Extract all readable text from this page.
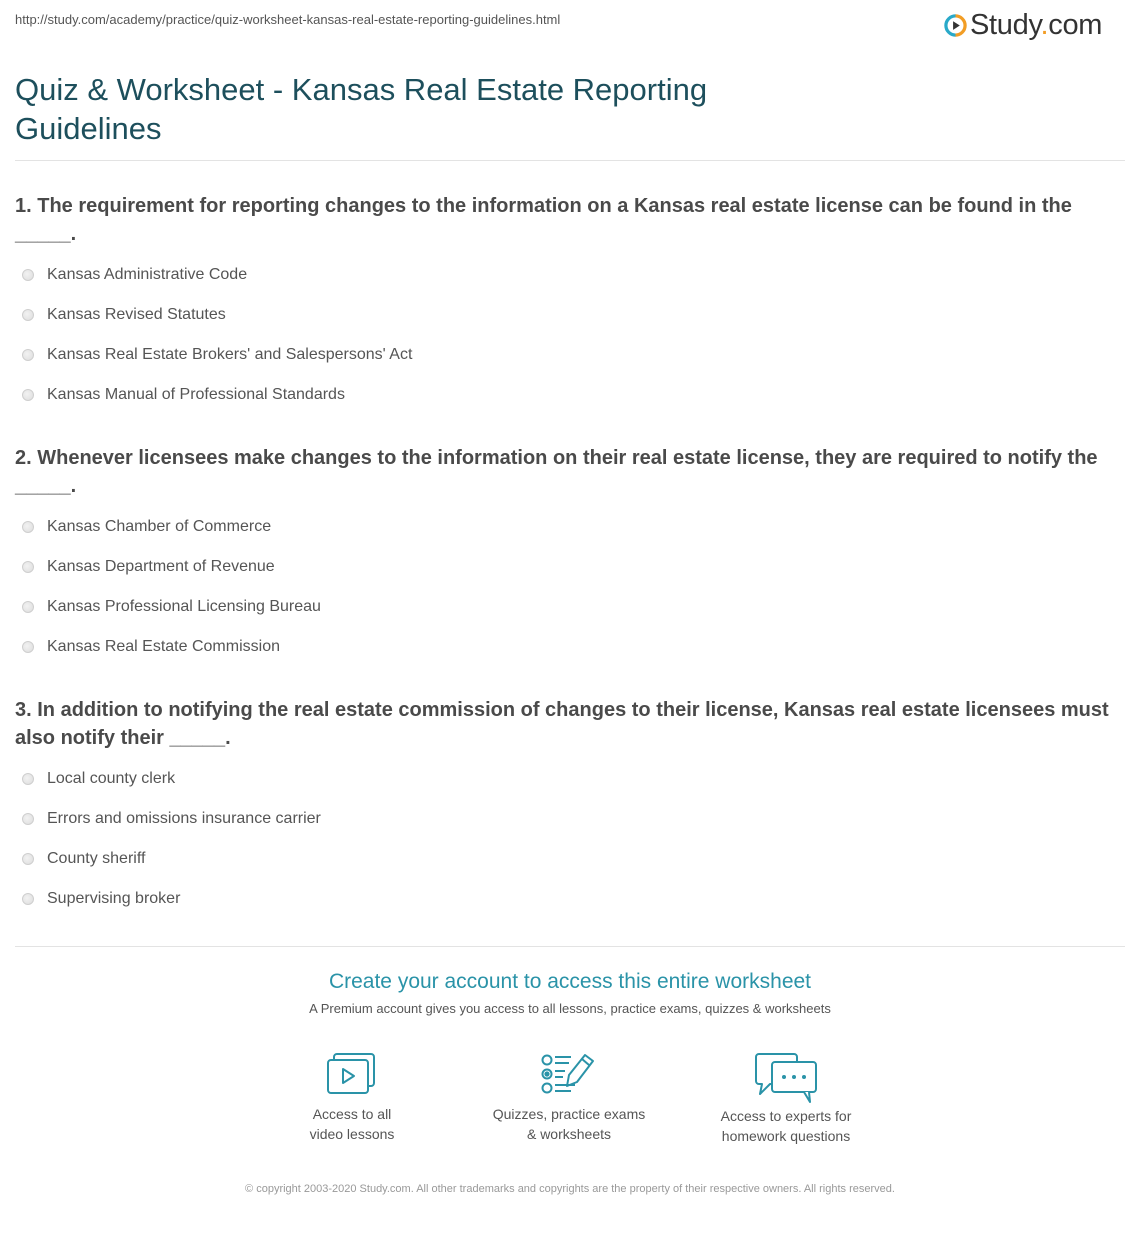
http://study.com/academy/practice/quiz-worksheet-kansas-real-estate-reporting-guidelines.html	Study.com
Quiz & Worksheet - Kansas Real Estate Reporting Guidelines
1. The requirement for reporting changes to the information on a Kansas real estate license can be found in the _____.
Kansas Administrative Code
Kansas Revised Statutes
Kansas Real Estate Brokers' and Salespersons' Act
Kansas Manual of Professional Standards
2. Whenever licensees make changes to the information on their real estate license, they are required to notify the _____.
Kansas Chamber of Commerce
Kansas Department of Revenue
Kansas Professional Licensing Bureau
Kansas Real Estate Commission
3. In addition to notifying the real estate commission of changes to their license, Kansas real estate licensees must also notify their _____.
Local county clerk
Errors and omissions insurance carrier
County sheriff
Supervising broker
Create your account to access this entire worksheet
A Premium account gives you access to all lessons, practice exams, quizzes & worksheets
Access to all
video lessons
Quizzes, practice exams
& worksheets
Access to experts for
homework questions
© copyright 2003-2020 Study.com. All other trademarks and copyrights are the property of their respective owners. All rights reserved.
